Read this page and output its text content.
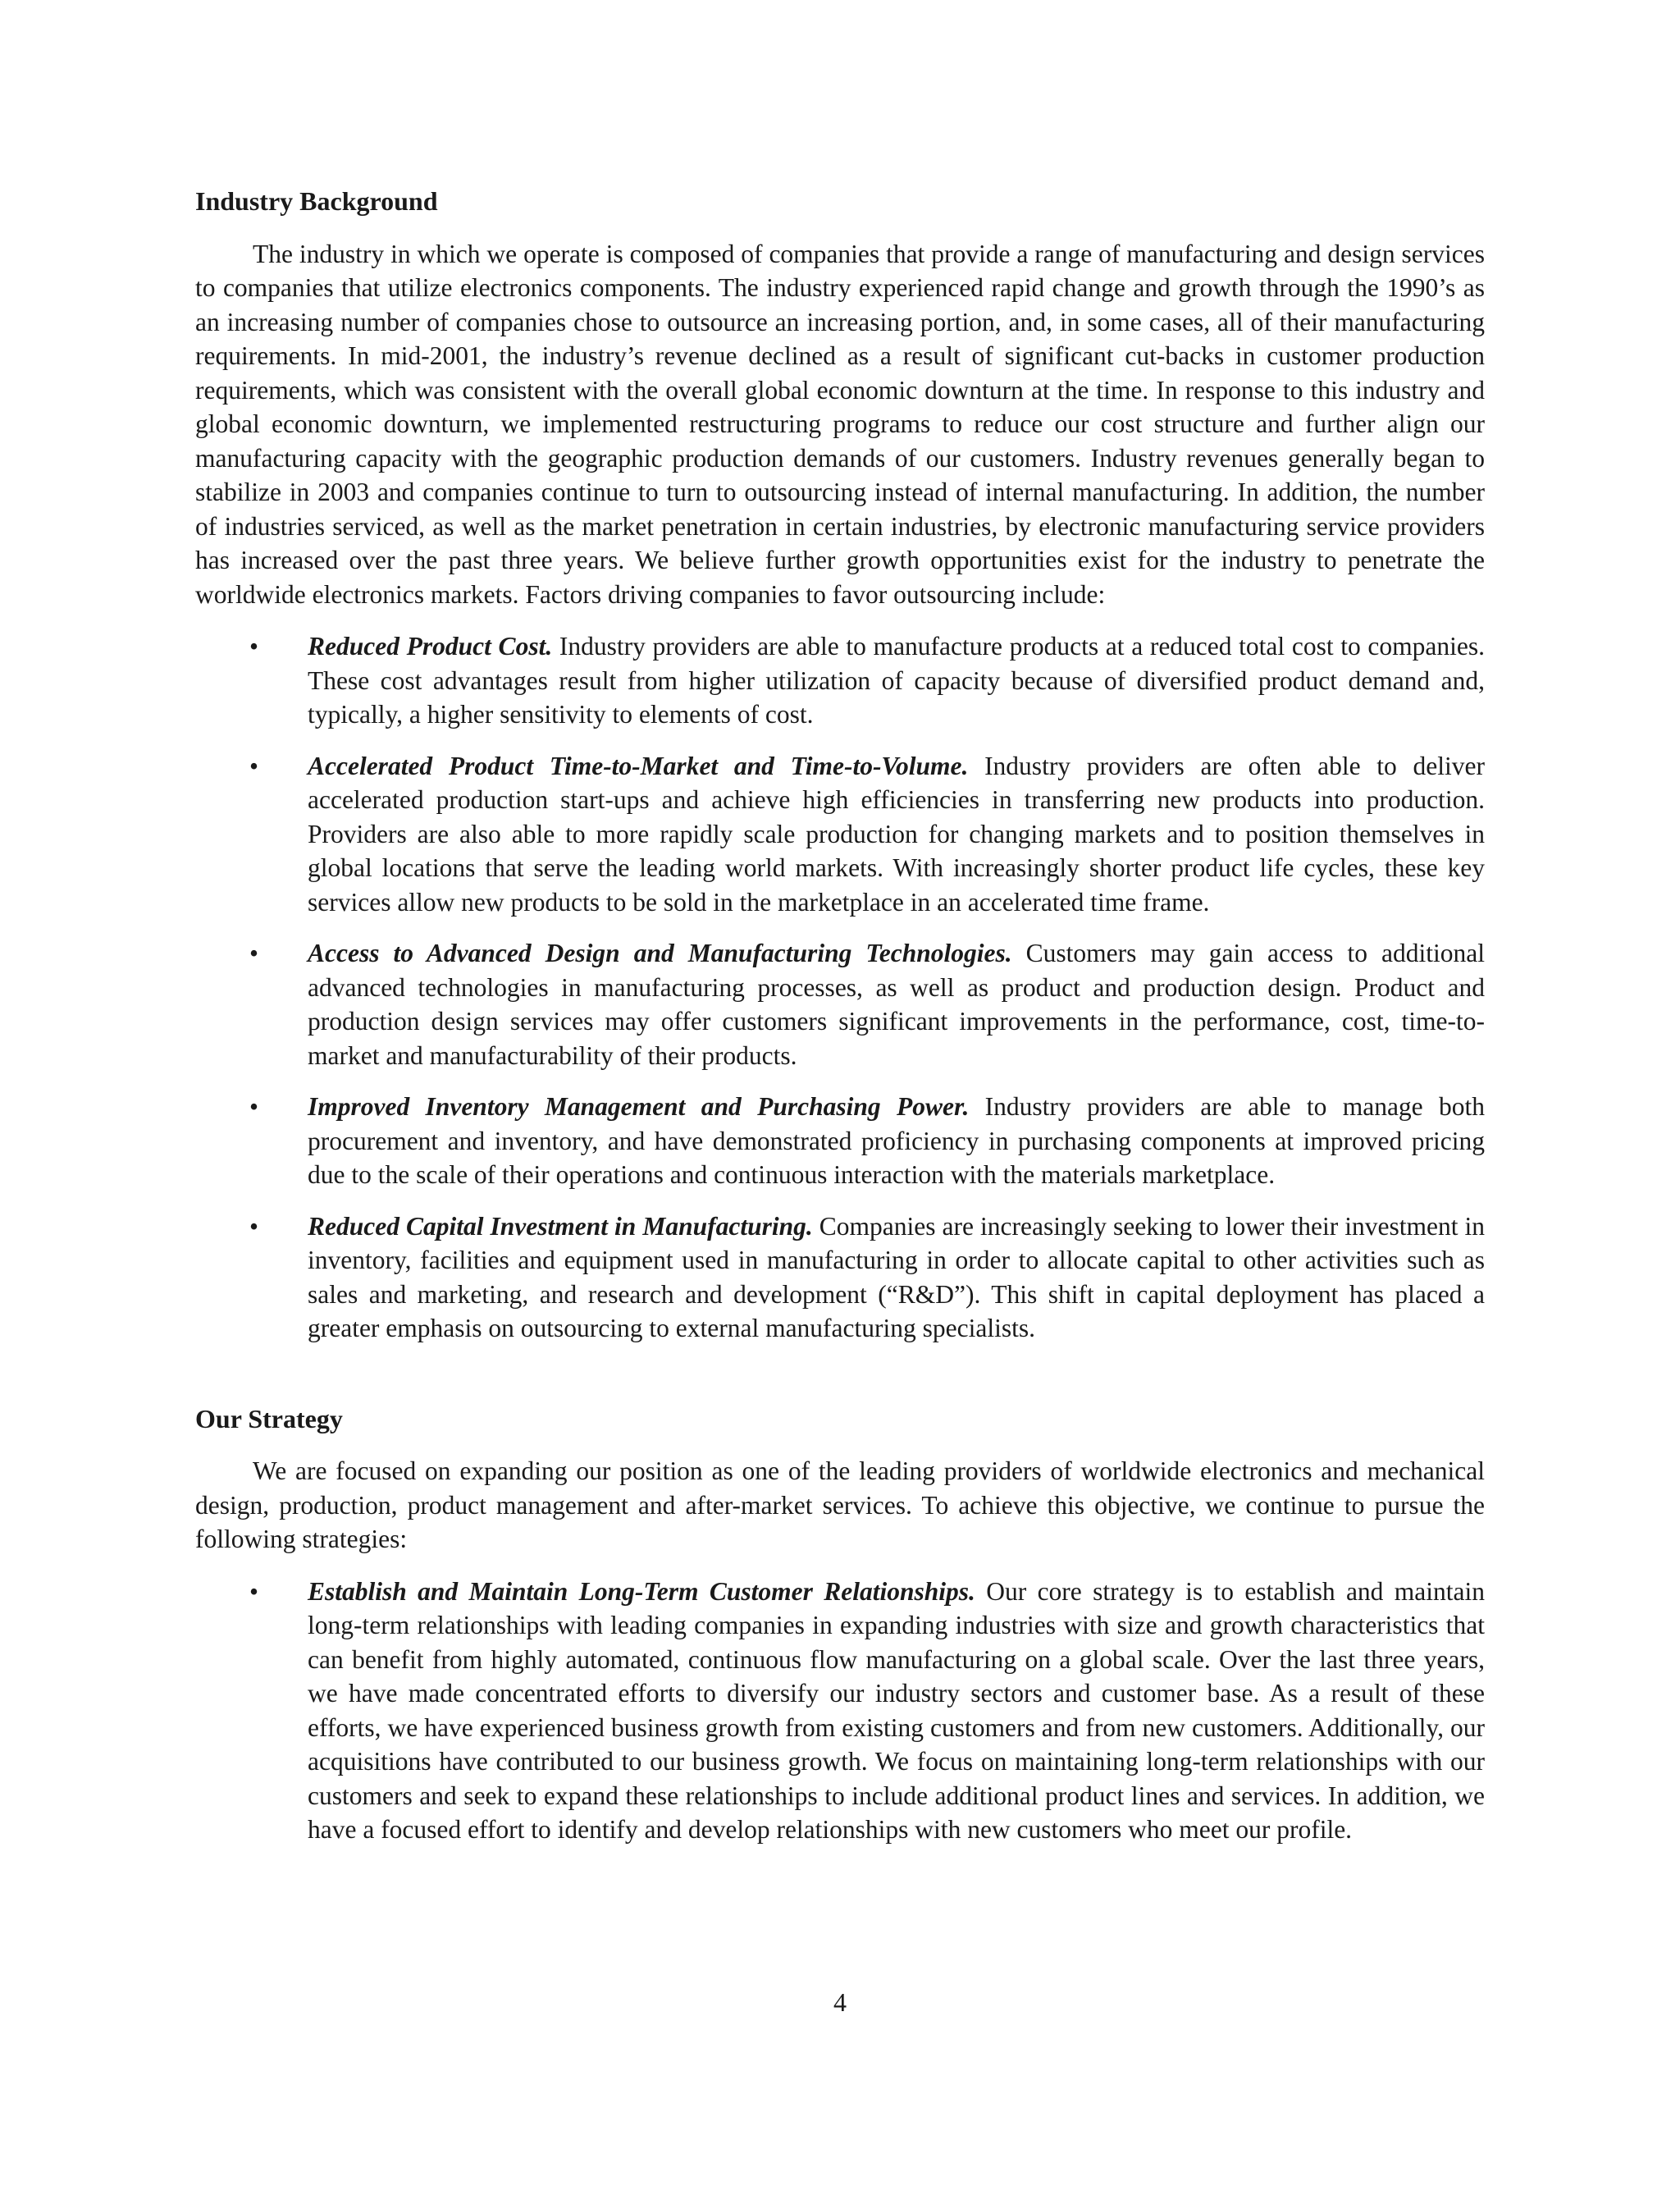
Industry Background

The industry in which we operate is composed of companies that provide a range of manufacturing and design services to companies that utilize electronics components. The industry experienced rapid change and growth through the 1990’s as an increasing number of companies chose to outsource an increasing portion, and, in some cases, all of their manufacturing requirements. In mid-2001, the industry’s revenue declined as a result of significant cut-backs in customer production requirements, which was consistent with the overall global economic downturn at the time. In response to this industry and global economic downturn, we implemented restructuring programs to reduce our cost structure and further align our manufacturing capacity with the geographic production demands of our customers. Industry revenues generally began to stabilize in 2003 and companies continue to turn to outsourcing instead of internal manufacturing. In addition, the number of industries serviced, as well as the market penetration in certain industries, by electronic manufacturing service providers has increased over the past three years. We believe further growth opportunities exist for the industry to penetrate the worldwide electronics markets. Factors driving companies to favor outsourcing include:

• Reduced Product Cost. Industry providers are able to manufacture products at a reduced total cost to companies. These cost advantages result from higher utilization of capacity because of diversified product demand and, typically, a higher sensitivity to elements of cost.
• Accelerated Product Time-to-Market and Time-to-Volume. Industry providers are often able to deliver accelerated production start-ups and achieve high efficiencies in transferring new products into production. Providers are also able to more rapidly scale production for changing markets and to position themselves in global locations that serve the leading world markets. With increasingly shorter product life cycles, these key services allow new products to be sold in the marketplace in an accelerated time frame.
• Access to Advanced Design and Manufacturing Technologies. Customers may gain access to additional advanced technologies in manufacturing processes, as well as product and production design. Product and production design services may offer customers significant improvements in the performance, cost, time-to-market and manufacturability of their products.
• Improved Inventory Management and Purchasing Power. Industry providers are able to manage both procurement and inventory, and have demonstrated proficiency in purchasing components at improved pricing due to the scale of their operations and continuous interaction with the materials marketplace.
• Reduced Capital Investment in Manufacturing. Companies are increasingly seeking to lower their investment in inventory, facilities and equipment used in manufacturing in order to allocate capital to other activities such as sales and marketing, and research and development (“R&D”). This shift in capital deployment has placed a greater emphasis on outsourcing to external manufacturing specialists.
Our Strategy

We are focused on expanding our position as one of the leading providers of worldwide electronics and mechanical design, production, product management and after-market services. To achieve this objective, we continue to pursue the following strategies:

• Establish and Maintain Long-Term Customer Relationships. Our core strategy is to establish and maintain long-term relationships with leading companies in expanding industries with size and growth characteristics that can benefit from highly automated, continuous flow manufacturing on a global scale. Over the last three years, we have made concentrated efforts to diversify our industry sectors and customer base. As a result of these efforts, we have experienced business growth from existing customers and from new customers. Additionally, our acquisitions have contributed to our business growth. We focus on maintaining long-term relationships with our customers and seek to expand these relationships to include additional product lines and services. In addition, we have a focused effort to identify and develop relationships with new customers who meet our profile.
4
